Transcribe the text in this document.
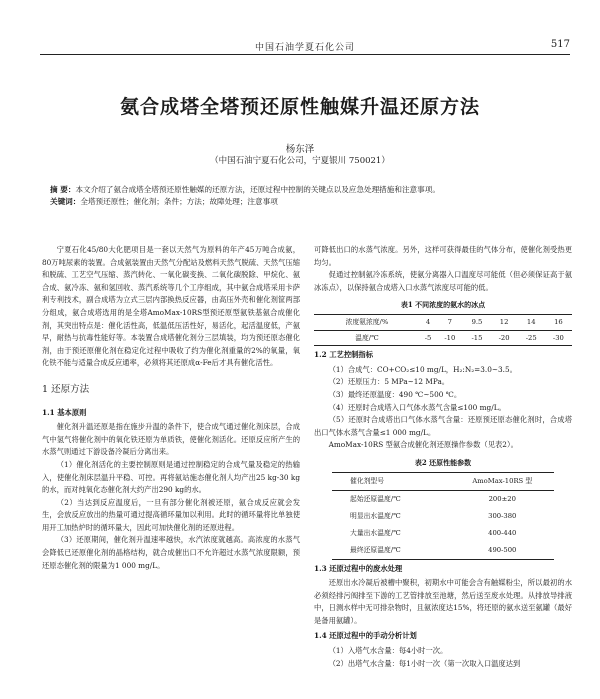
中国石油学夏石化公司	517
氨合成塔全塔预还原性触媒升温还原方法
杨东泽
（中国石油宁夏石化公司，宁夏银川 750021）
摘 要：本文介绍了氨合成塔全塔预还原性触媒的还原方法，还原过程中控制的关键点以及应急处理措施和注意事项。
关键词：全塔预还原性；催化剂；条件；方法；故障处理；注意事项

宁夏石化45/80大化肥项目是一套以天然气为原料的年产45万吨合成氨，80万吨尿素的装置。合成氨装置由天然气分配站及燃料天然气脱硫、天然气压缩和脱硫、工艺空气压缩、蒸汽转化、一氧化碳变换、二氧化碳脱除、甲烷化、氨合成、氨冷冻、氨和氢回收、蒸汽系统等几个工序组成，其中氨合成塔采用卡萨利专利技术，副合成塔为立式三层内部换热反应器，由高压外壳和催化剂筐两部分组成，氨合成塔选用的是全塔AmoMax-10RS型预还原型氨铁基氨合成催化剂，其突出特点是：催化活性高，低温低压活性好，易活化，起活温度低，产氨早，耐热与抗毒性能好等。本装置合成塔催化剂分三层填装，均为预还原态催化剂，由于预还原催化剂在稳定化过程中吸收了约为催化剂重量的2%的氧量，氧化铁不能与适量合成反应通率，必须将其还原成α-Fe后才具有催化活性。

1 还原方法

1.1 基本原则

催化剂升温还原是指在施步升温的条件下，使合成气通过催化剂床层，合成气中氢气将催化剂中的氧化铁还原为单质铁，使催化剂活化。还原反应所产生的水蒸气则通过下游设备冷凝后分离出来。

（1）催化剂活化的主要控制原则是通过控制稳定的合成气量及稳定的热输入，使催化剂床层温升平稳、可控。再将氨站施态催化剂人均产出25 kg-30 kg的水，而对纯氧化态催化剂大约产出290 kg的水。

（2）当达到反应温度后，一旦有部分催化剂被还原，氨合成反应就会发生，会放反应放出的热量可通过提高循环量加以利用。此时的循环量将比单独使用开工加热炉时的循环量大，因此可加快催化剂的还原进程。

（3）还原期间，催化剂升温速率越快，水汽浓度就越高。高浓度的水蒸气会降低已还原催化剂的晶格结构，就合成催出口不允许超过水蒸气浓度限额，预还原态催化剂的限量为1 000 mg/L。

可降低出口的水蒸气浓度。另外，这样可获得最佳的气体分布，使催化剂受热更均匀。

促通过控制氨冷冻系统，使氨分离器入口温度尽可能低（但必须保证高于氨冰冻点），以保持氨合成塔入口水蒸气浓度尽可能的低。

表1 不同浓度的氨水的冰点

浓度氨浓度/%	4	7	9.5	12	14	16
温度/℃	-5	-10	-15	-20	-25	-30

1.2 工艺控制指标

（1）合成气：CO+CO₂≤10 mg/L，H₂:N₂=3.0~3.5。

（2）还原压力：5 MPa~12 MPa。

（3）最终还原温度：490 ℃~500 ℃。

（4）还原时合成塔入口气体水蒸气含量≤100 mg/L。

（5）还原时合成塔出口气体水蒸气含量：还原预还原态催化剂时，合成塔出口气体水蒸气含量≤1 000 mg/L。

AmoMax-10RS 型氨合成催化剂还原操作参数（见表2）。

表2 还原性能参数

催化剂型号	AmoMax-10RS 型
起始还原温度/℃	200±20
明显出水温度/℃	300-380
大量出水温度/℃	400-440
最终还原温度/℃	490-500

1.3 还原过程中的废水处理

还原出水冷凝后被槽中聚积，初期水中可能会含有触媒粉尘，所以最初的水必须经排污阀排至下游的工艺管排放至池塘，然后送至废水处理。从排放导排液中，日测水样中无可排杂物时，且氨浓度达15%，将还原的氨水送至氨罐（最好是备用氨罐）。

1.4 还原过程中的手动分析计划

（1）入塔气水含量：每4小时一次。

（2）出塔气水含量：每1小时一次（第一次取入口温度达到
